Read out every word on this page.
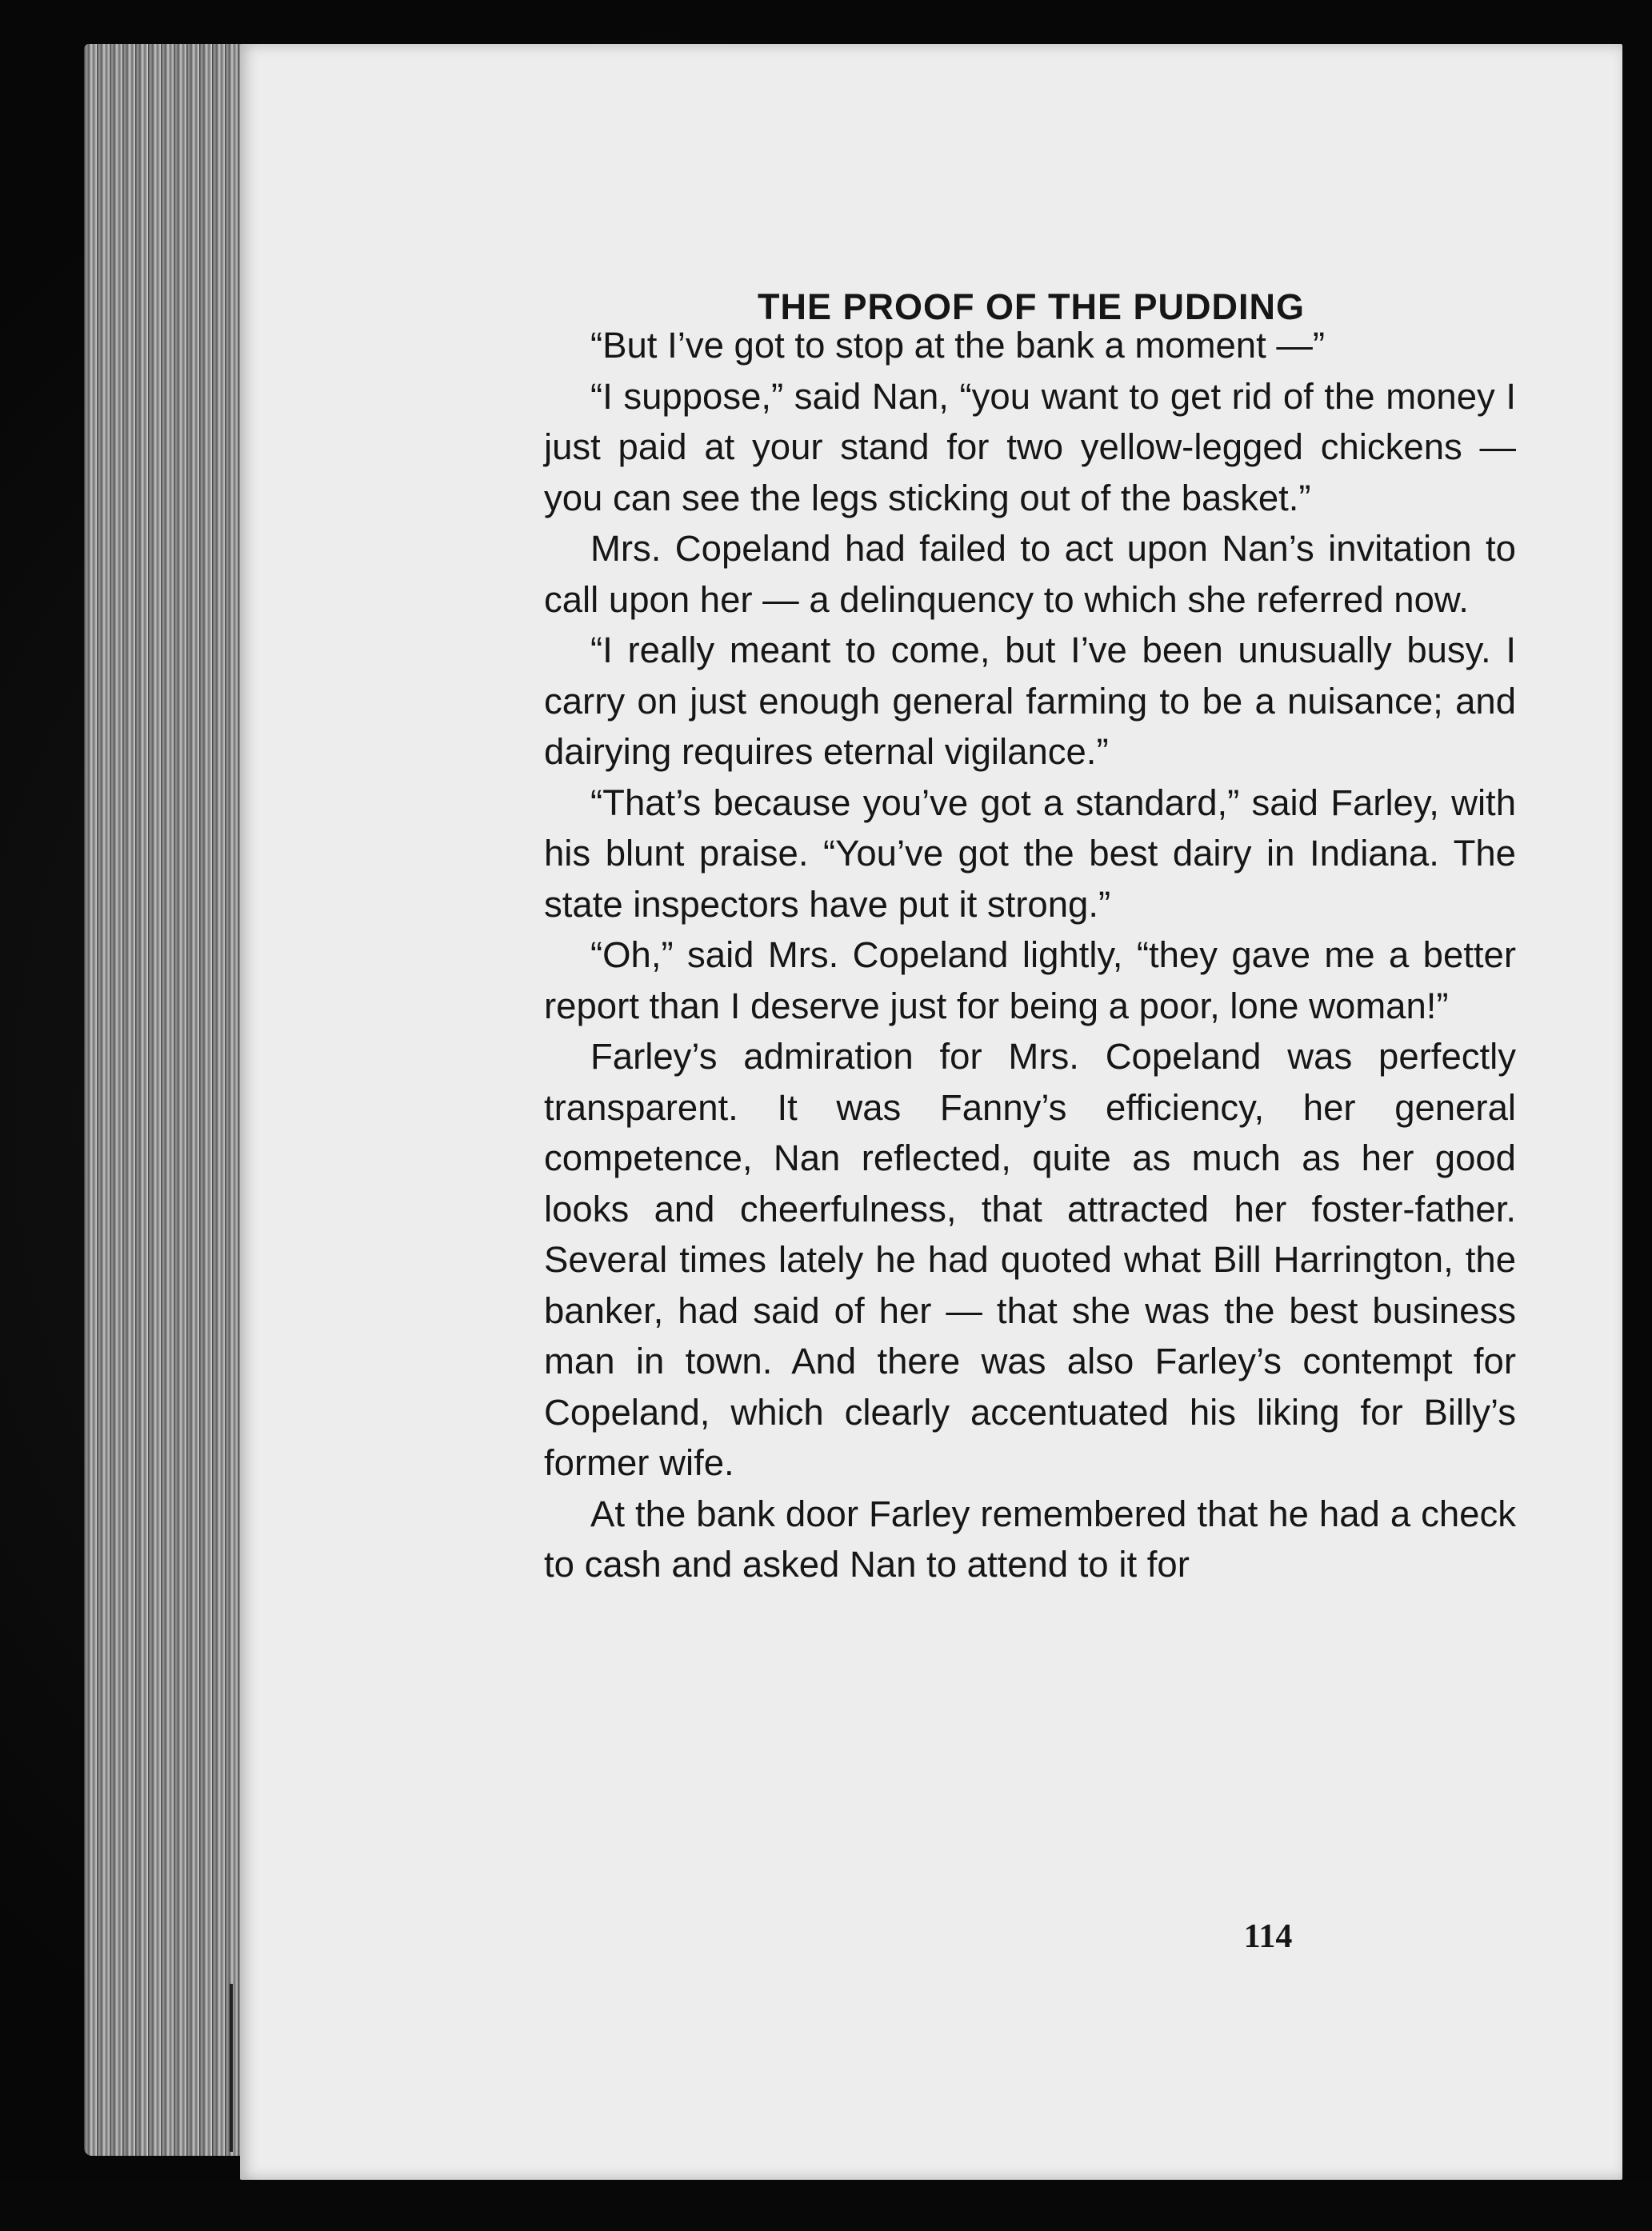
THE PROOF OF THE PUDDING
114

“But I’ve got to stop at the bank a moment —”

“I suppose,” said Nan, “you want to get rid of the money I just paid at your stand for two yellow-legged chickens — you can see the legs sticking out of the basket.”

Mrs. Copeland had failed to act upon Nan’s invitation to call upon her — a delinquency to which she referred now.

“I really meant to come, but I’ve been unusually busy. I carry on just enough general farming to be a nuisance; and dairying requires eternal vigilance.”

“That’s because you’ve got a standard,” said Farley, with his blunt praise. “You’ve got the best dairy in Indiana. The state inspectors have put it strong.”

“Oh,” said Mrs. Copeland lightly, “they gave me a better report than I deserve just for being a poor, lone woman!”

Farley’s admiration for Mrs. Copeland was perfectly transparent. It was Fanny’s efficiency, her general competence, Nan reflected, quite as much as her good looks and cheerfulness, that attracted her foster-father. Several times lately he had quoted what Bill Harrington, the banker, had said of her — that she was the best business man in town. And there was also Farley’s contempt for Copeland, which clearly accentuated his liking for Billy’s former wife.

At the bank door Farley remembered that he had a check to cash and asked Nan to attend to it for
